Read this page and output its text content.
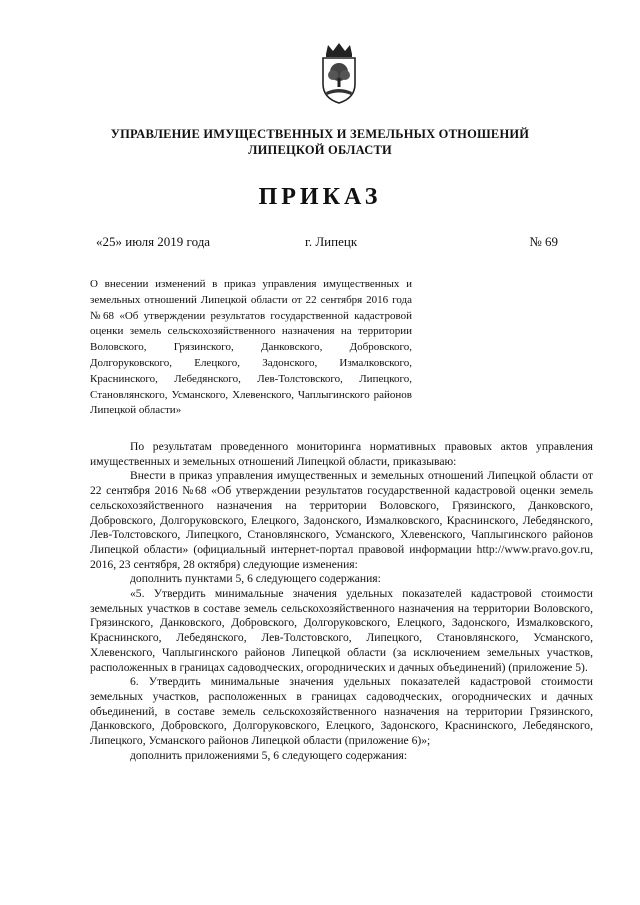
УПРАВЛЕНИЕ ИМУЩЕСТВЕННЫХ И ЗЕМЕЛЬНЫХ ОТНОШЕНИЙ
ЛИПЕЦКОЙ ОБЛАСТИ
ПРИКАЗ
«25» июля 2019 года	г. Липецк	№ 69
О внесении изменений в приказ управления имущественных и земельных отношений Липецкой области от 22 сентября 2016 года №68 «Об утверждении результатов государственной кадастровой оценки земель сельскохозяйственного назначения на территории Воловского, Грязинского, Данковского, Добровского, Долгоруковского, Елецкого, Задонского, Измалковского, Краснинского, Лебедянского, Лев-Толстовского, Липецкого, Становлянского, Усманского, Хлевенского, Чаплыгинского районов Липецкой области»

По результатам проведенного мониторинга нормативных правовых актов управления имущественных и земельных отношений Липецкой области, приказываю:

Внести в приказ управления имущественных и земельных отношений Липецкой области от 22 сентября 2016 №68 «Об утверждении результатов государственной кадастровой оценки земель сельскохозяйственного назначения на территории Воловского, Грязинского, Данковского, Добровского, Долгоруковского, Елецкого, Задонского, Измалковского, Краснинского, Лебедянского, Лев-Толстовского, Липецкого, Становлянского, Усманского, Хлевенского, Чаплыгинского районов Липецкой области» (официальный интернет-портал правовой информации http://www.pravo.gov.ru, 2016, 23 сентября, 28 октября) следующие изменения:

дополнить пунктами 5, 6 следующего содержания:

«5. Утвердить минимальные значения удельных показателей кадастровой стоимости земельных участков в составе земель сельскохозяйственного назначения на территории Воловского, Грязинского, Данковского, Добровского, Долгоруковского, Елецкого, Задонского, Измалковского, Краснинского, Лебедянского, Лев-Толстовского, Липецкого, Становлянского, Усманского, Хлевенского, Чаплыгинского районов Липецкой области (за исключением земельных участков, расположенных в границах садоводческих, огороднических и дачных объединений) (приложение 5).

6. Утвердить минимальные значения удельных показателей кадастровой стоимости земельных участков, расположенных в границах садоводческих, огороднических и дачных объединений, в составе земель сельскохозяйственного назначения на территории Грязинского, Данковского, Добровского, Долгоруковского, Елецкого, Задонского, Краснинского, Лебедянского, Липецкого, Усманского районов Липецкой области (приложение 6)»;

дополнить приложениями 5, 6 следующего содержания:
